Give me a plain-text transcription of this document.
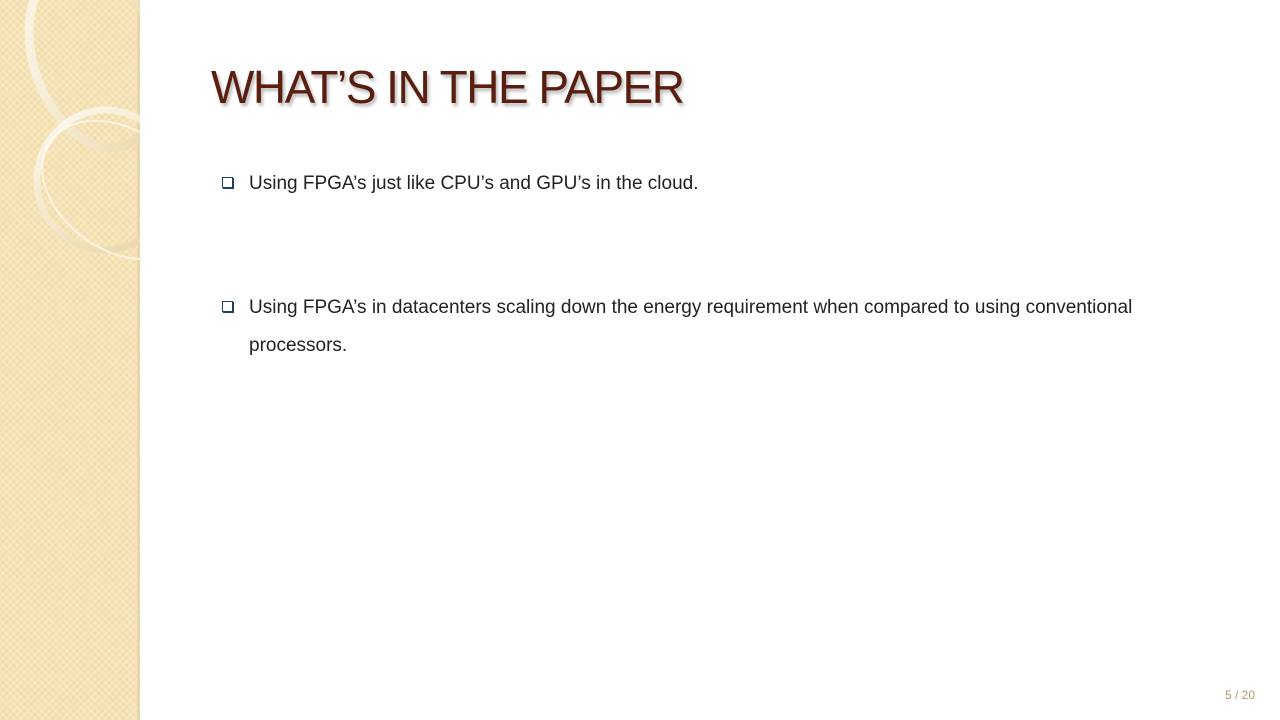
WHAT’S IN THE PAPER
Using FPGA’s just like CPU’s and GPU’s in the cloud.
Using FPGA’s in datacenters scaling down the energy requirement when compared to using conventional processors.
5 / 20
